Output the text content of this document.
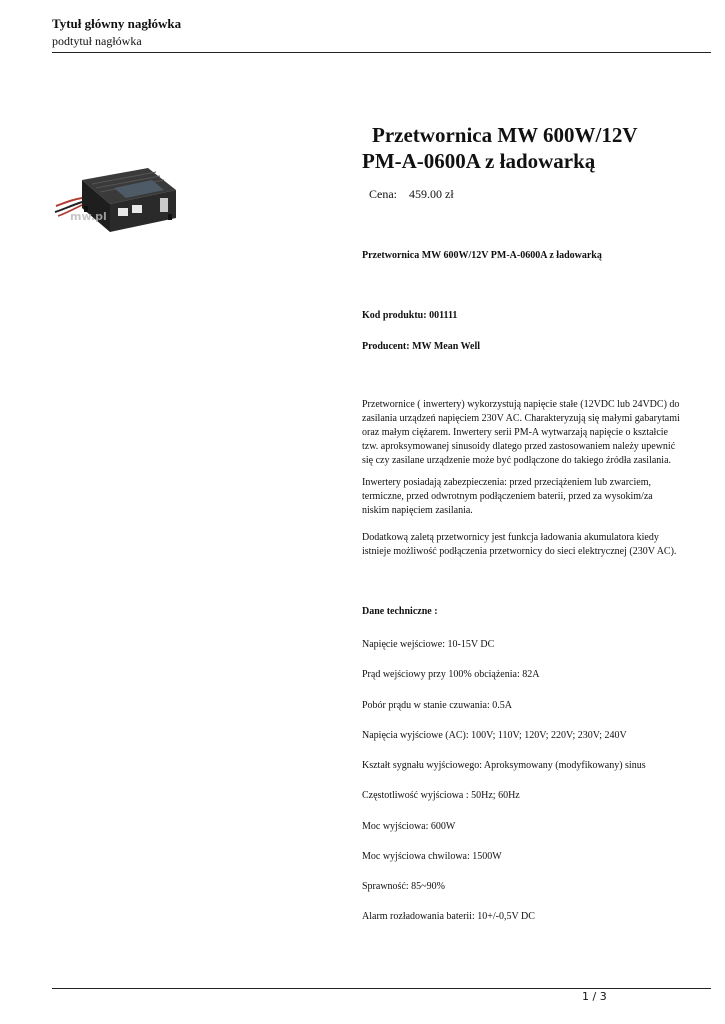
Tytuł główny nagłówka
podtytuł nagłówka
mw.pl
Przetwornica MW 600W/12V
PM-A-0600A z ładowarką
Cena: 459.00 zł
Przetwornica MW 600W/12V PM-A-0600A z ładowarką
Kod produktu: 001111
Producent: MW Mean Well

Przetwornice ( inwertery) wykorzystują napięcie stałe (12VDC lub 24VDC) do

zasilania urządzeń napięciem 230V AC. Charakteryzują się małymi gabarytami

oraz małym ciężarem. Inwertery serii PM-A wytwarzają napięcie o kształcie

tzw. aproksymowanej sinusoidy dlatego przed zastosowaniem należy upewnić

się czy zasilane urządzenie może być podłączone do takiego źródła zasilania.

Inwertery posiadają zabezpieczenia: przed przeciążeniem lub zwarciem,

termiczne, przed odwrotnym podłączeniem baterii, przed za wysokim/za

niskim napięciem zasilania.

Dodatkową zaletą przetwornicy jest funkcja ładowania akumulatora kiedy

istnieje możliwość podłączenia przetwornicy do sieci elektrycznej (230V AC).

Dane techniczne :
Napięcie wejściowe: 10-15V DC
Prąd wejściowy przy 100% obciążenia: 82A
Pobór prądu w stanie czuwania: 0.5A
Napięcia wyjściowe (AC): 100V; 110V; 120V; 220V; 230V; 240V
Kształt sygnału wyjściowego: Aproksymowany (modyfikowany) sinus
Częstotliwość wyjściowa : 50Hz; 60Hz
Moc wyjściowa: 600W
Moc wyjściowa chwilowa: 1500W
Sprawność: 85~90%
Alarm rozładowania baterii: 10+/-0,5V DC
1 / 3
